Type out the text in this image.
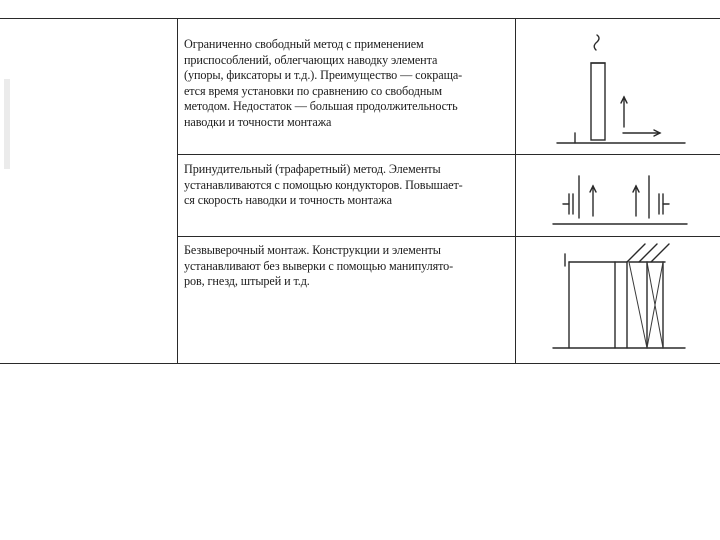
Ограниченно свободный метод с применением
приспособлений, облегчающих наводку элемента
(упоры, фиксаторы и т.д.). Преимущество — сокраща-
ется время установки по сравнению со свободным
методом. Недостаток — большая продолжительность
наводки и точности монтажа
Принудительный (трафаретный) метод. Элементы
устанавливаются с помощью кондукторов. Повышает-
ся скорость наводки и точность монтажа
Безвыверочный монтаж. Конструкции и элементы
устанавливают без выверки с помощью манипулято-
ров, гнезд, штырей и т.д.
